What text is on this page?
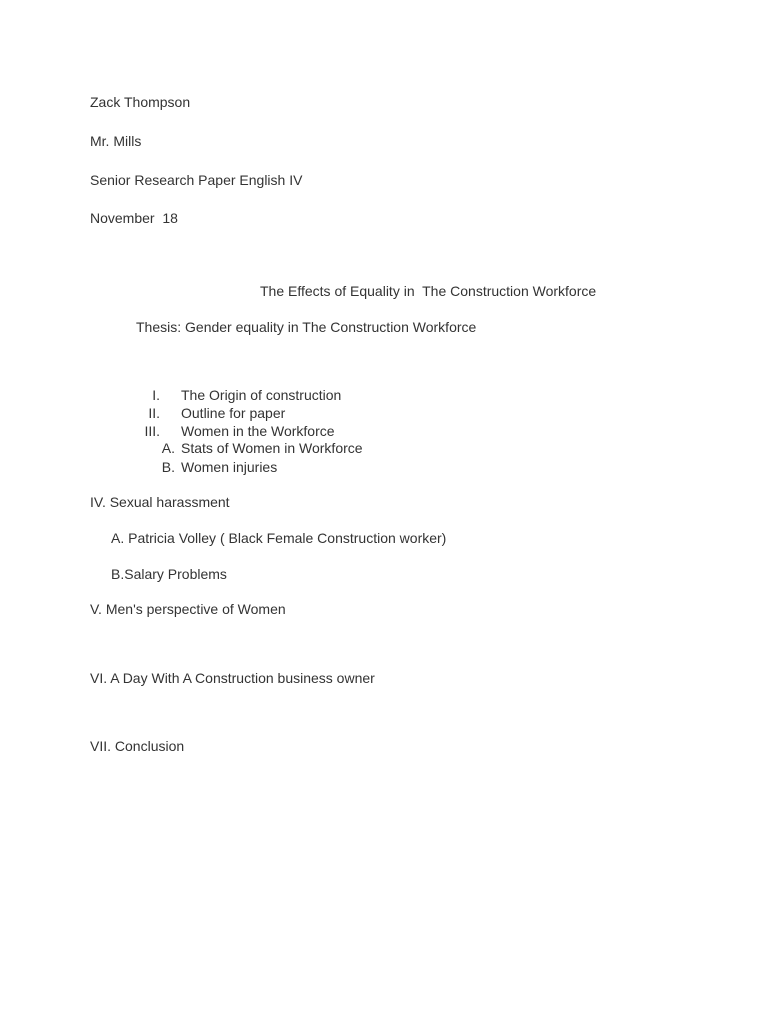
Zack Thompson
Mr. Mills
Senior Research Paper English IV
November  18
The Effects of Equality in  The Construction Workforce
Thesis: Gender equality in The Construction Workforce
I. The Origin of construction
II. Outline for paper
III. Women in the Workforce
A. Stats of Women in Workforce
B. Women injuries
IV. Sexual harassment
A. Patricia Volley ( Black Female Construction worker)
B.Salary Problems
V. Men's perspective of Women
VI. A Day With A Construction business owner
VII. Conclusion
